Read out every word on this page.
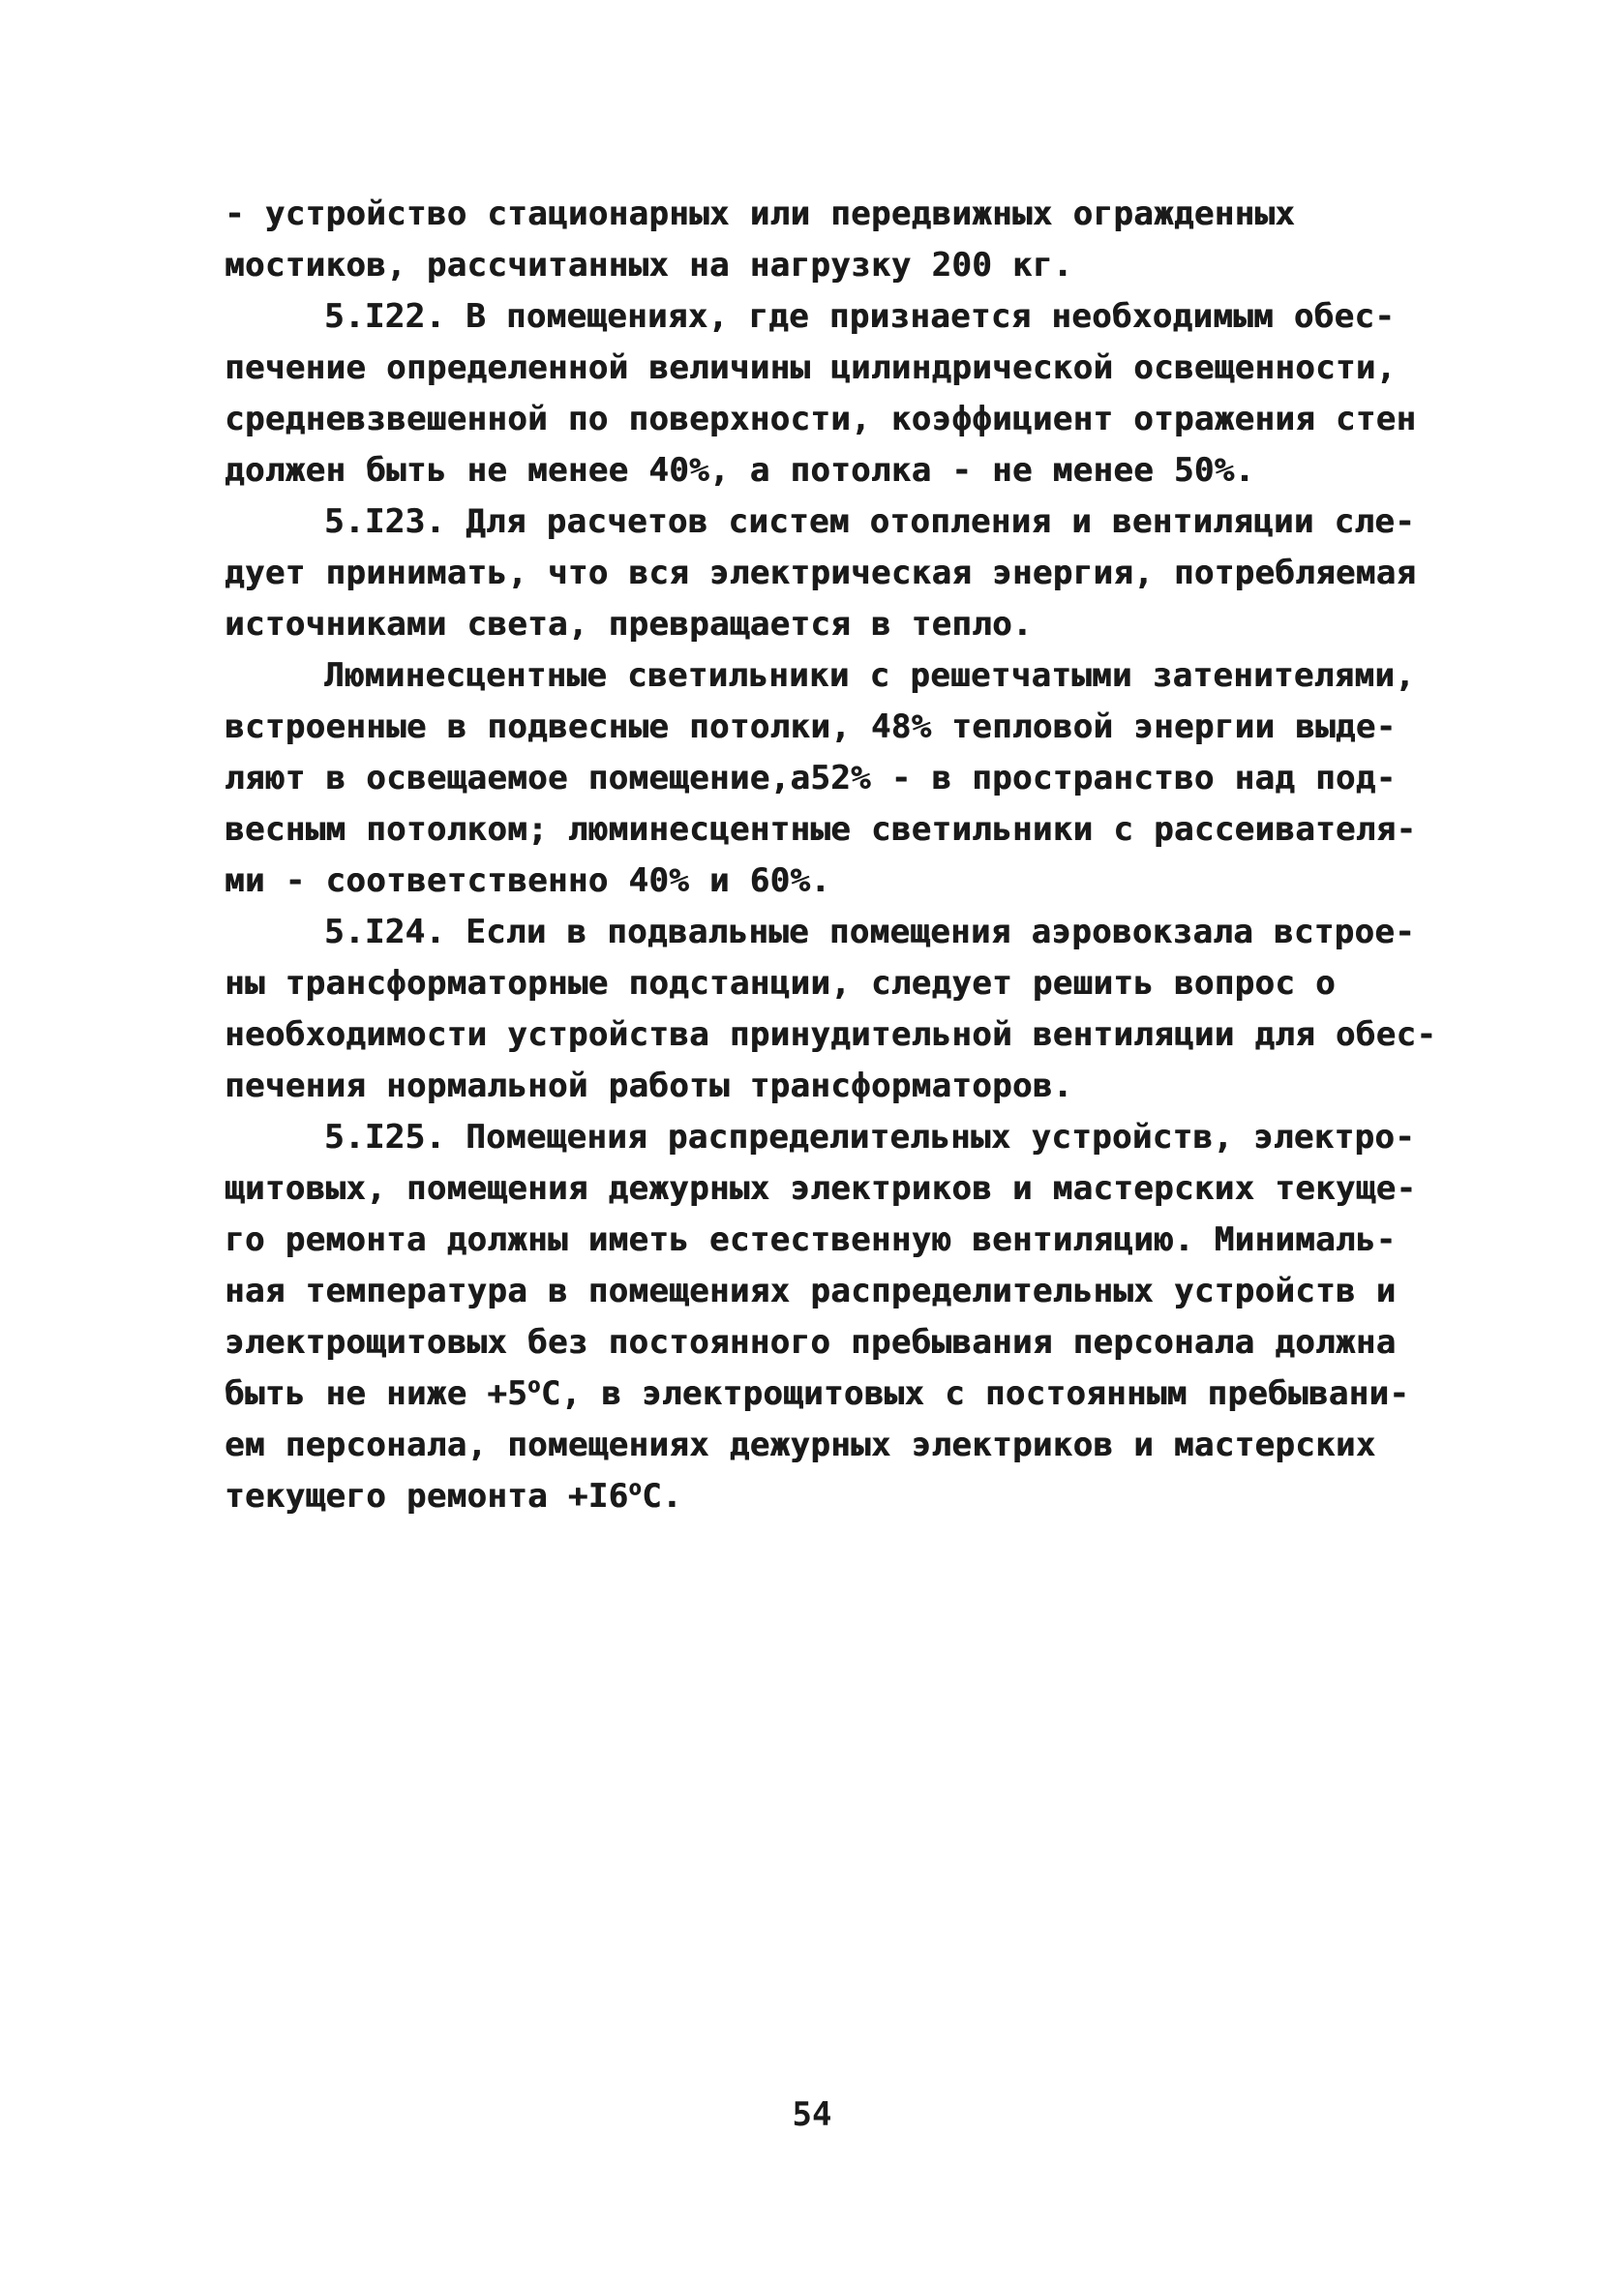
- устройство стационарных или передвижных огражденных
мостиков, рассчитанных на нагрузку 200 кг.
5.I22. В помещениях, где признается необходимым обес-
печение определенной величины цилиндрической освещенности,
средневзвешенной по поверхности, коэффициент отражения стен
должен быть не менее 40%, а потолка - не менее 50%.
5.I23. Для расчетов систем отопления и вентиляции сле-
дует принимать, что вся электрическая энергия, потребляемая
источниками света, превращается в тепло.
Люминесцентные светильники с решетчатыми затенителями,
встроенные в подвесные потолки, 48% тепловой энергии выде-
ляют в освещаемое помещение,а52% - в пространство над под-
весным потолком; люминесцентные светильники с рассеивателя-
ми - соответственно 40% и 60%.
5.I24. Если в подвальные помещения аэровокзала встрое-
ны трансформаторные подстанции, следует решить вопрос о
необходимости устройства принудительной вентиляции для обес-
печения нормальной работы трансформаторов.
5.I25. Помещения распределительных устройств, электро-
щитовых, помещения дежурных электриков и мастерских текуще-
го ремонта должны иметь естественную вентиляцию. Минималь-
ная температура в помещениях распределительных устройств и
электрощитовых без постоянного пребывания персонала должна
быть не ниже $+5^оС$, в электрощитовых с постоянным пребывани-
ем персонала, помещениях дежурных электриков и мастерских
текущего ремонта $+I6^оС$.
54
